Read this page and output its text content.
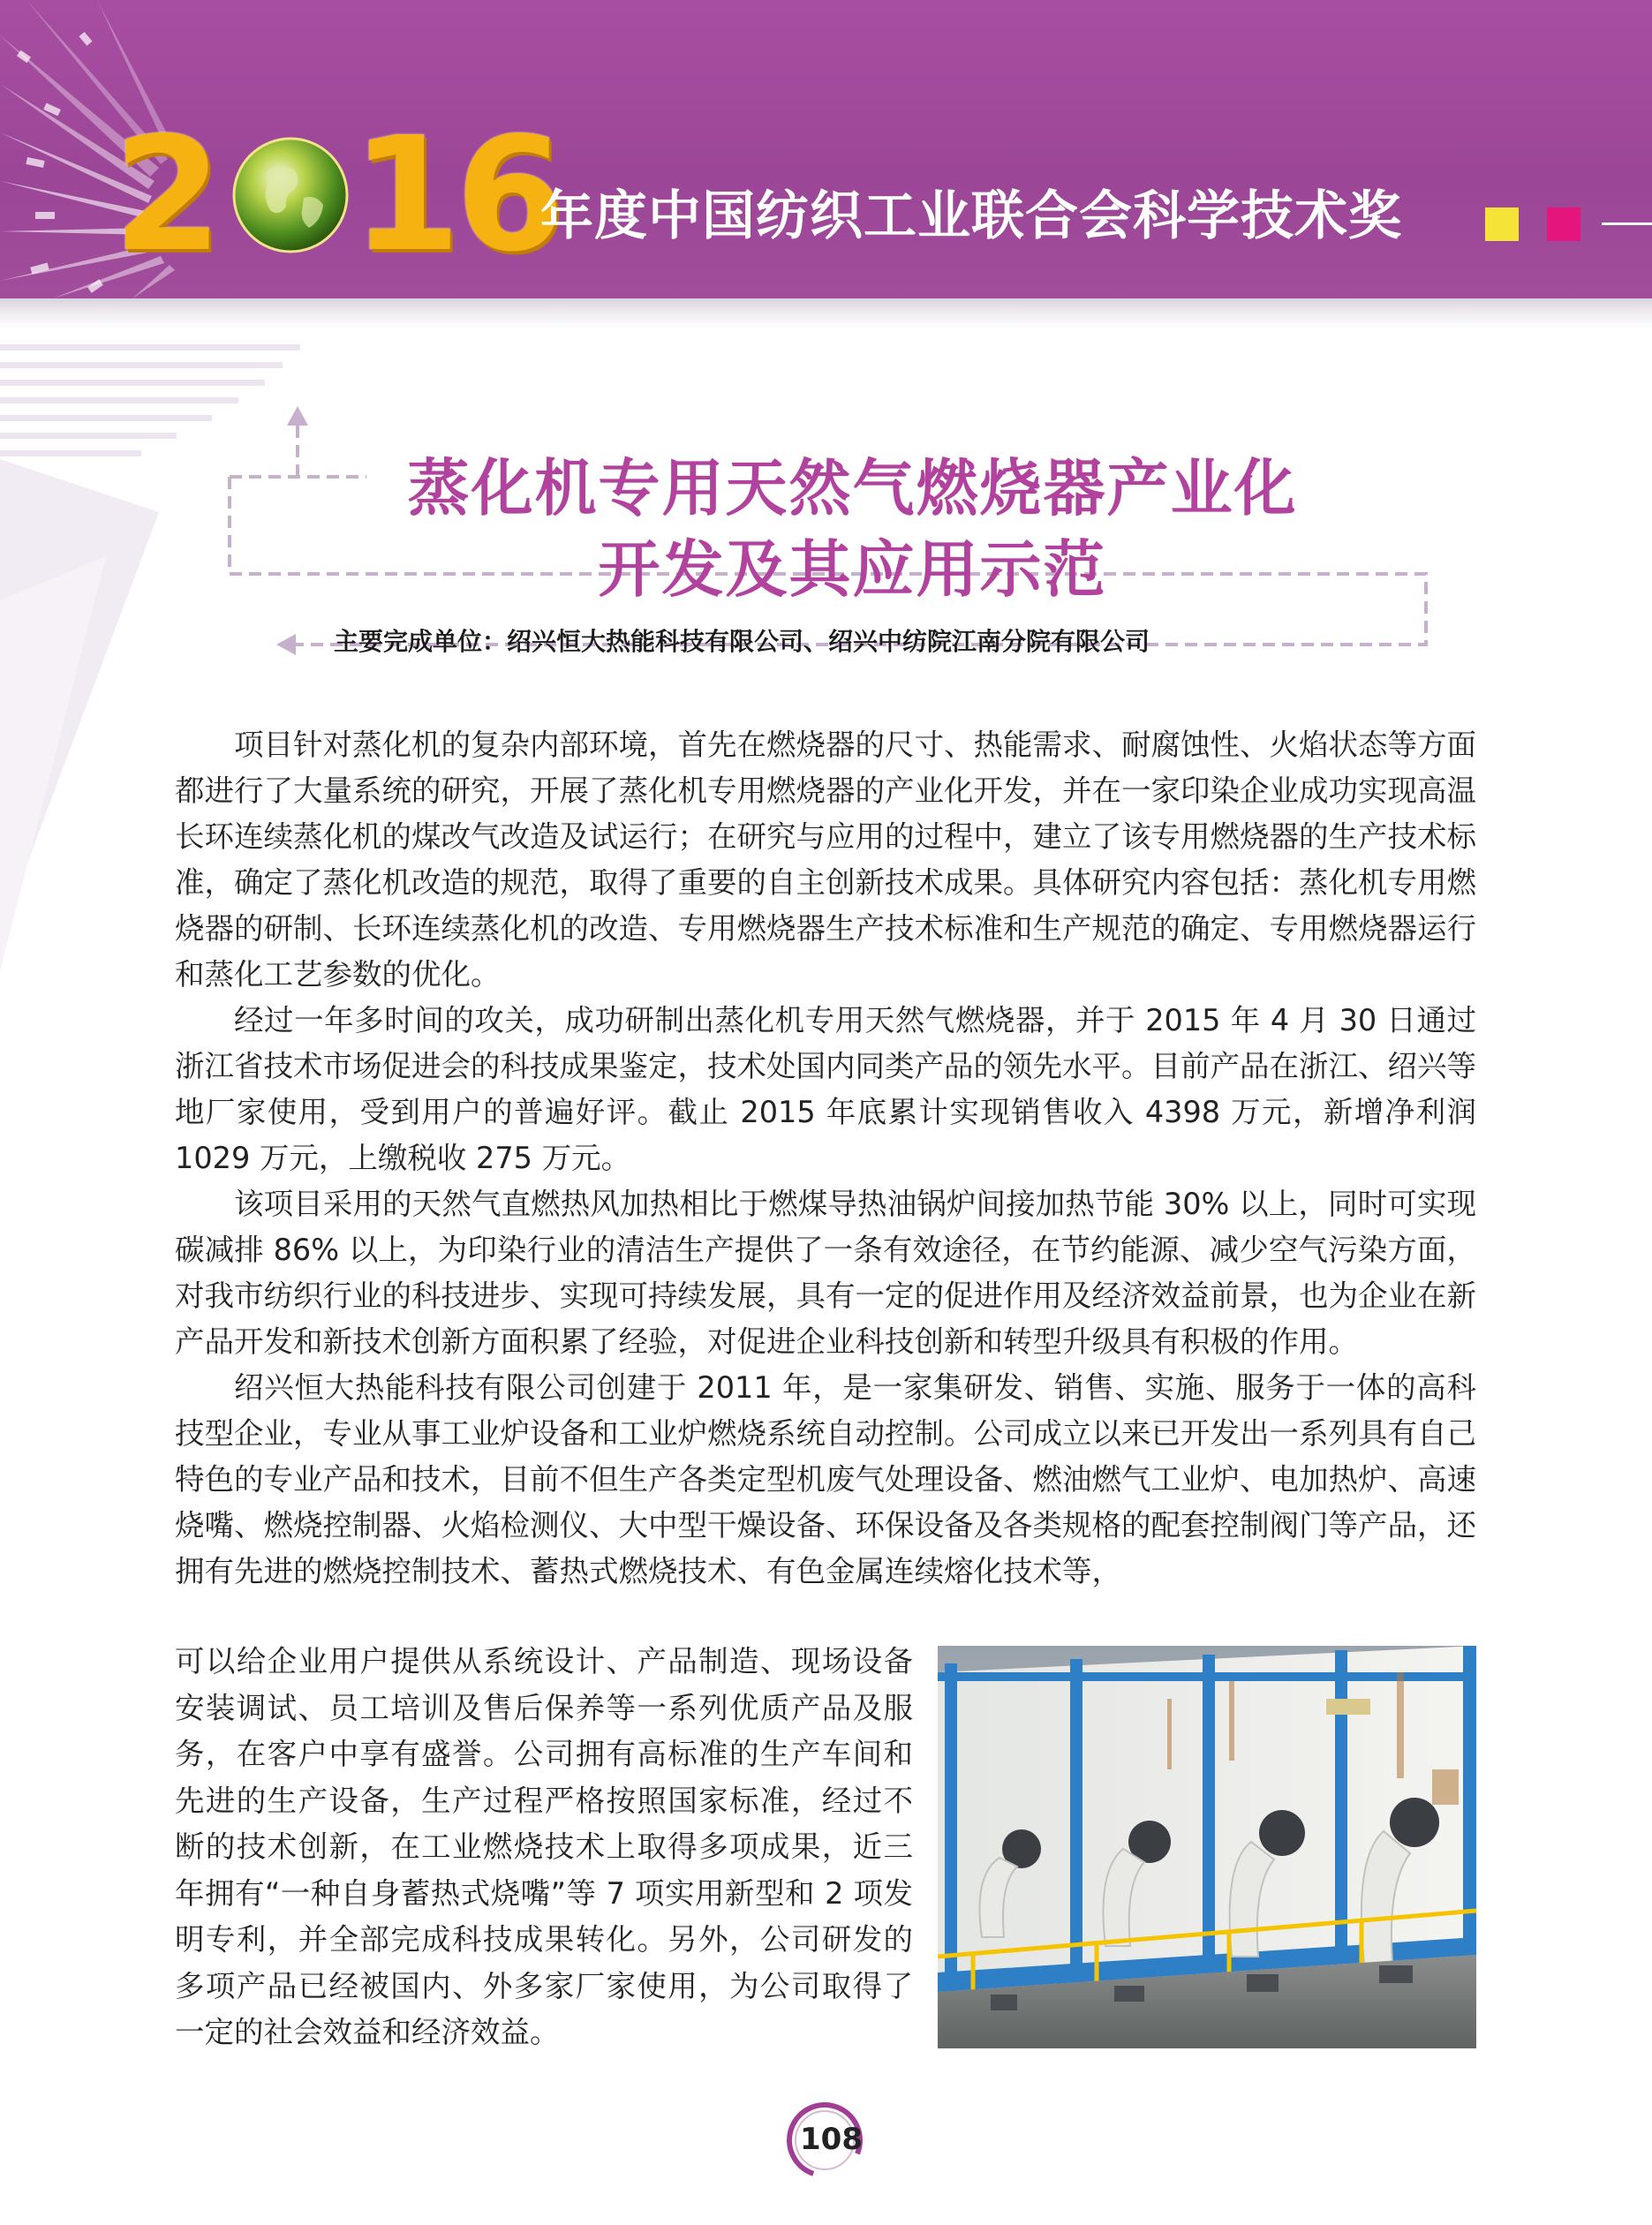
2 16
年度中国纺织工业联合会科学技术奖
蒸化机专用天然气燃烧器产业化
开发及其应用示范
主要完成单位：绍兴恒大热能科技有限公司、绍兴中纺院江南分院有限公司

项目针对蒸化机的复杂内部环境，首先在燃烧器的尺寸、热能需求、耐腐蚀性、火焰状态等方面都进行了大量系统的研究，开展了蒸化机专用燃烧器的产业化开发，并在一家印染企业成功实现高温长环连续蒸化机的煤改气改造及试运行；在研究与应用的过程中，建立了该专用燃烧器的生产技术标准，确定了蒸化机改造的规范，取得了重要的自主创新技术成果。具体研究内容包括：蒸化机专用燃烧器的研制、长环连续蒸化机的改造、专用燃烧器生产技术标准和生产规范的确定、专用燃烧器运行和蒸化工艺参数的优化。

经过一年多时间的攻关，成功研制出蒸化机专用天然气燃烧器，并于 2015 年 4 月 30 日通过浙江省技术市场促进会的科技成果鉴定，技术处国内同类产品的领先水平。目前产品在浙江、绍兴等地厂家使用，受到用户的普遍好评。截止 2015 年底累计实现销售收入 4398 万元，新增净利润 1029 万元，上缴税收 275 万元。

该项目采用的天然气直燃热风加热相比于燃煤导热油锅炉间接加热节能 30% 以上，同时可实现碳减排 86% 以上，为印染行业的清洁生产提供了一条有效途径，在节约能源、减少空气污染方面，对我市纺织行业的科技进步、实现可持续发展，具有一定的促进作用及经济效益前景，也为企业在新产品开发和新技术创新方面积累了经验，对促进企业科技创新和转型升级具有积极的作用。

绍兴恒大热能科技有限公司创建于 2011 年，是一家集研发、销售、实施、服务于一体的高科技型企业，专业从事工业炉设备和工业炉燃烧系统自动控制。公司成立以来已开发出一系列具有自己特色的专业产品和技术，目前不但生产各类定型机废气处理设备、燃油燃气工业炉、电加热炉、高速烧嘴、燃烧控制器、火焰检测仪、大中型干燥设备、环保设备及各类规格的配套控制阀门等产品，还拥有先进的燃烧控制技术、蓄热式燃烧技术、有色金属连续熔化技术等，

可以给企业用户提供从系统设计、产品制造、现场设备安装调试、员工培训及售后保养等一系列优质产品及服务，在客户中享有盛誉。公司拥有高标准的生产车间和先进的生产设备，生产过程严格按照国家标准，经过不断的技术创新，在工业燃烧技术上取得多项成果，近三年拥有“一种自身蓄热式烧嘴”等 7 项实用新型和 2 项发明专利，并全部完成科技成果转化。另外，公司研发的多项产品已经被国内、外多家厂家使用，为公司取得了一定的社会效益和经济效益。

108
